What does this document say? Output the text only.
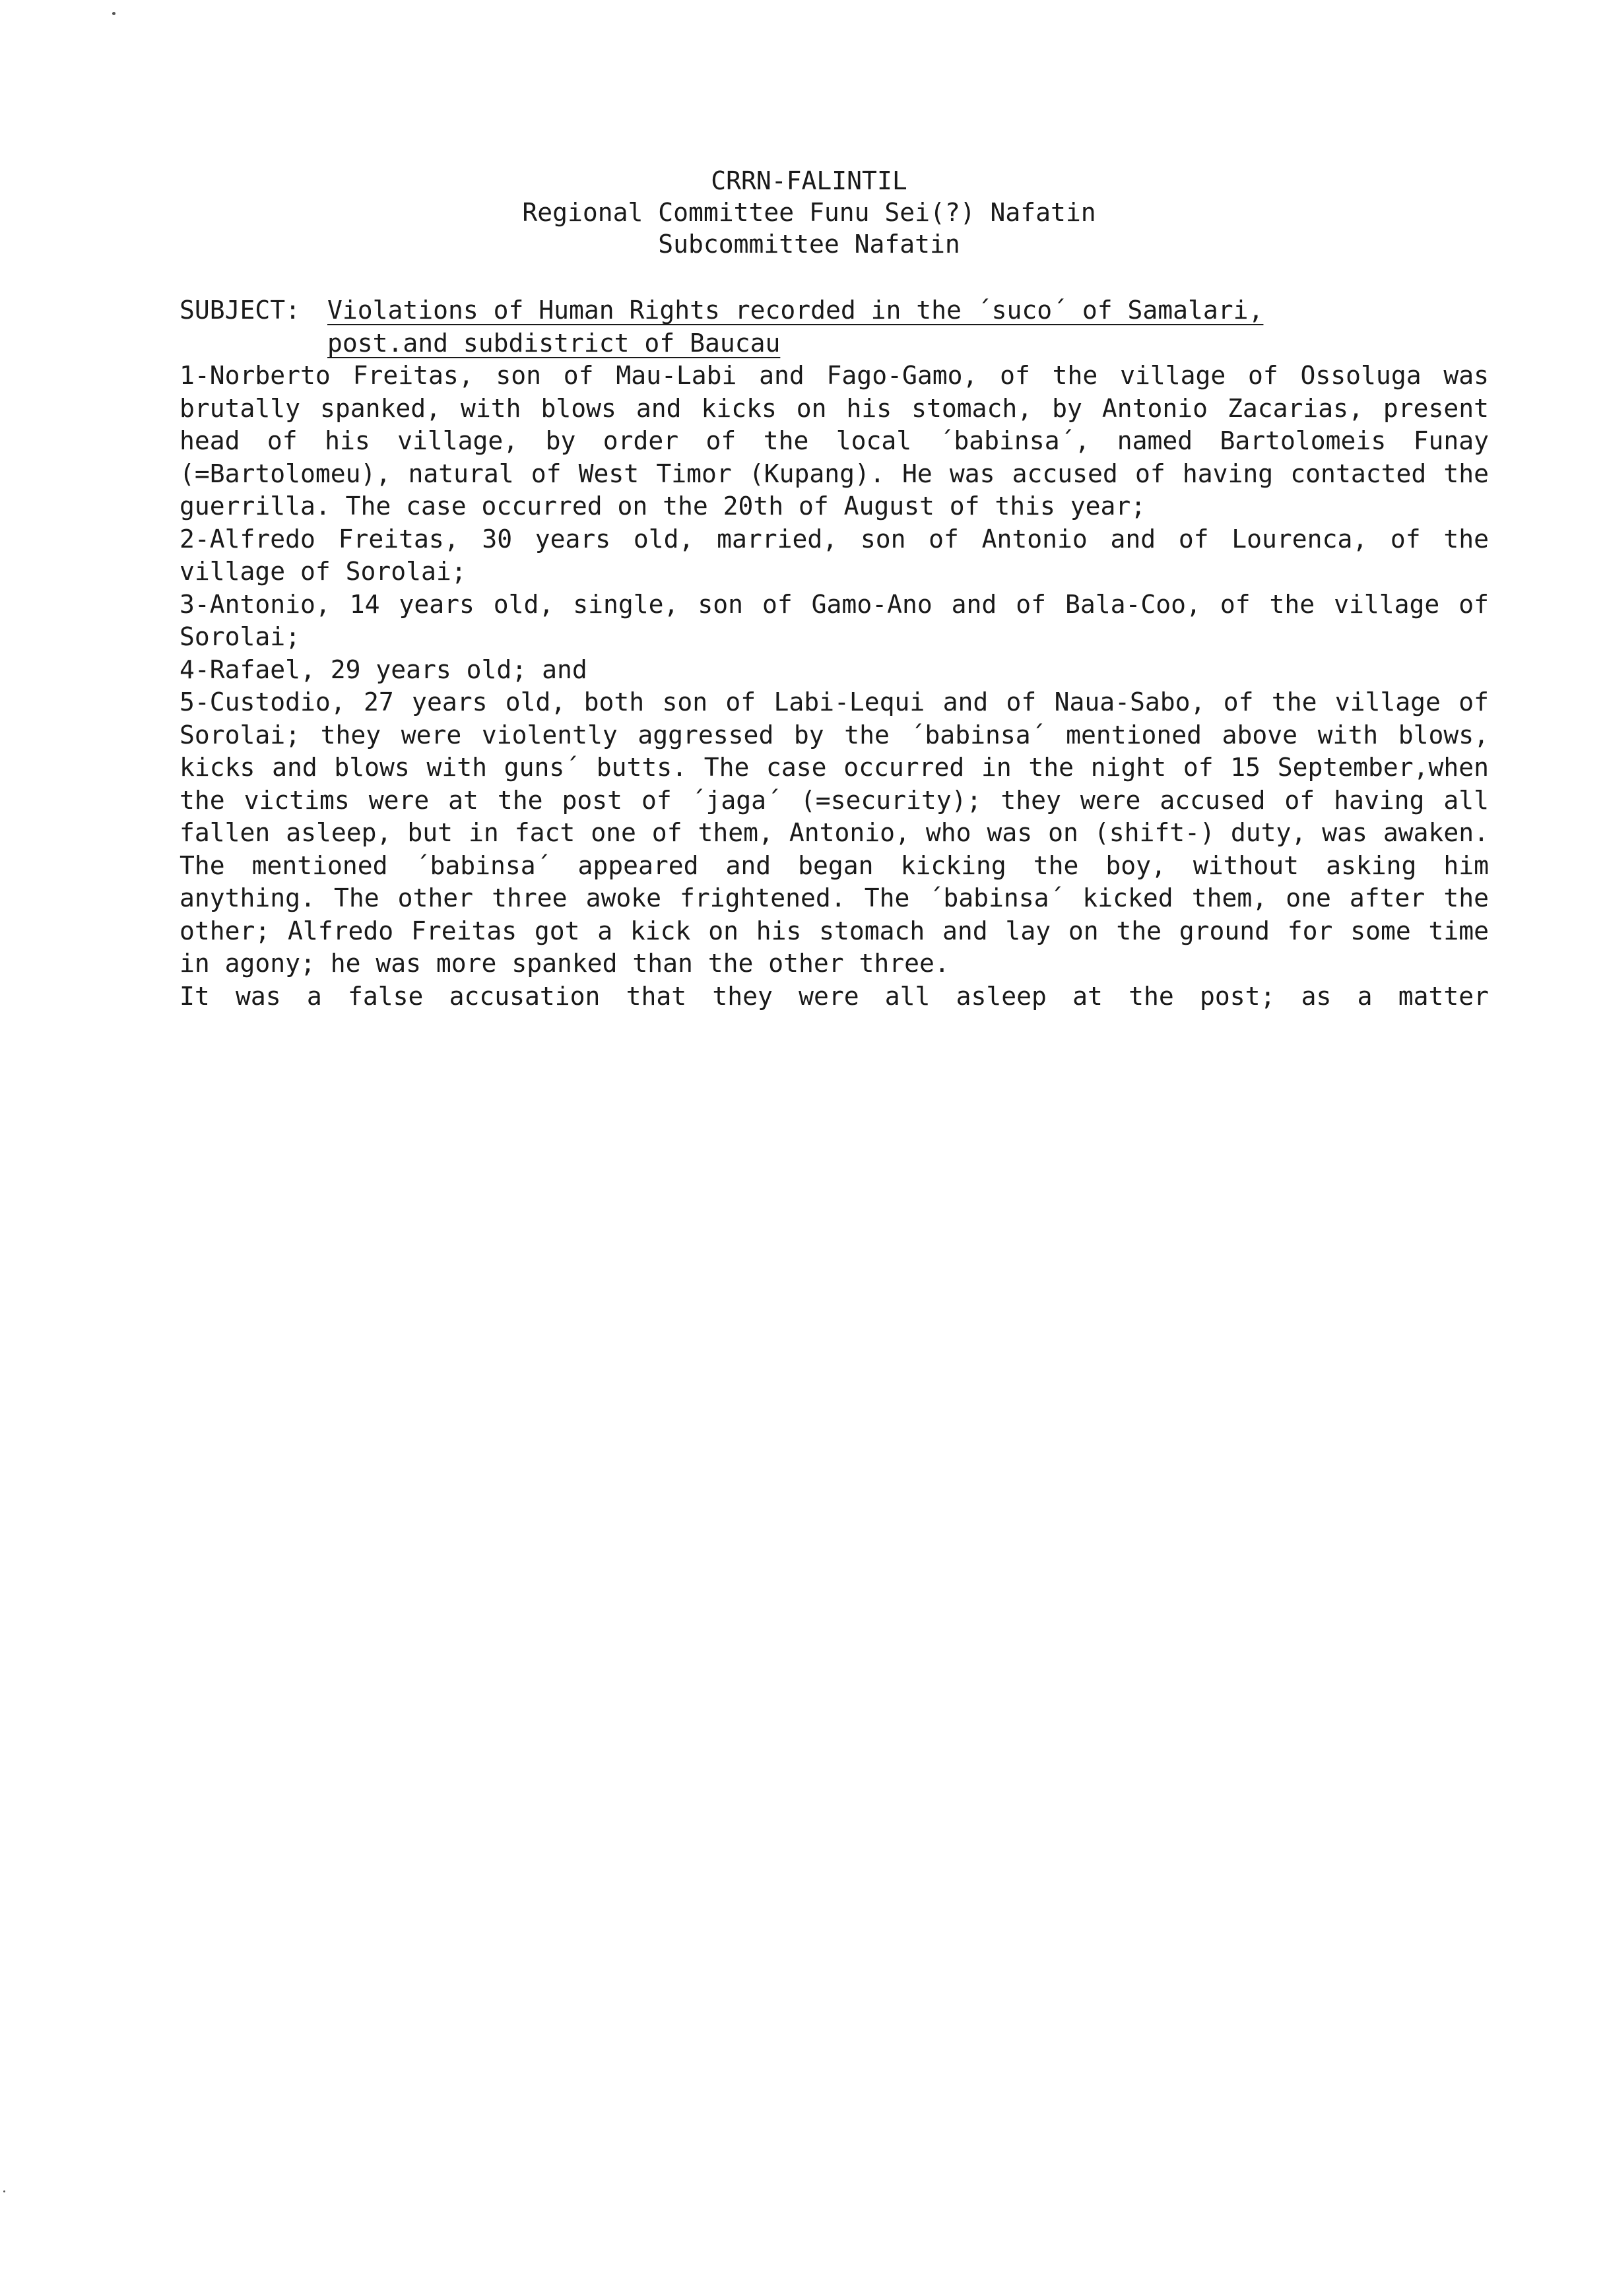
CRRN-FALINTIL
Regional Committee Funu Sei(?) Nafatin
Subcommittee Nafatin
SUBJECT:	Violations of Human Rights recorded in the ´suco´ of Samalari,
post.and subdistrict of Baucau

1-Norberto Freitas, son of Mau-Labi and Fago-Gamo, of the village of Ossoluga was brutally spanked, with blows and kicks on his stomach, by Antonio Zacarias, present head of his village, by order of the local ´babinsa´, named Bartolomeis Funay (=Bartolomeu), natural of West Timor (Kupang). He was accused of having contacted the guerrilla. The case occurred on the 20th of August of this year;

2-Alfredo Freitas, 30 years old, married, son of Antonio and of Lourenca, of the village of Sorolai;

3-Antonio, 14 years old, single, son of Gamo-Ano and of Bala-Coo, of the village of Sorolai;

4-Rafael, 29 years old; and

5-Custodio, 27 years old, both son of Labi-Lequi and of Naua-Sabo, of the village of Sorolai; they were violently aggressed by the ´babinsa´ mentioned above with blows, kicks and blows with guns´ butts. The case occurred in the night of 15 September,when the victims were at the post of ´jaga´ (=security); they were accused of having all fallen asleep, but in fact one of them, Antonio, who was on (shift-) duty, was awaken. The mentioned ´babinsa´ appeared and began kicking the boy, without asking him anything. The other three awoke frightened. The ´babinsa´ kicked them, one after the other; Alfredo Freitas got a kick on his stomach and lay on the ground for some time in agony; he was more spanked than the other three.

It was a false accusation that they were all asleep at the post; as a matter
